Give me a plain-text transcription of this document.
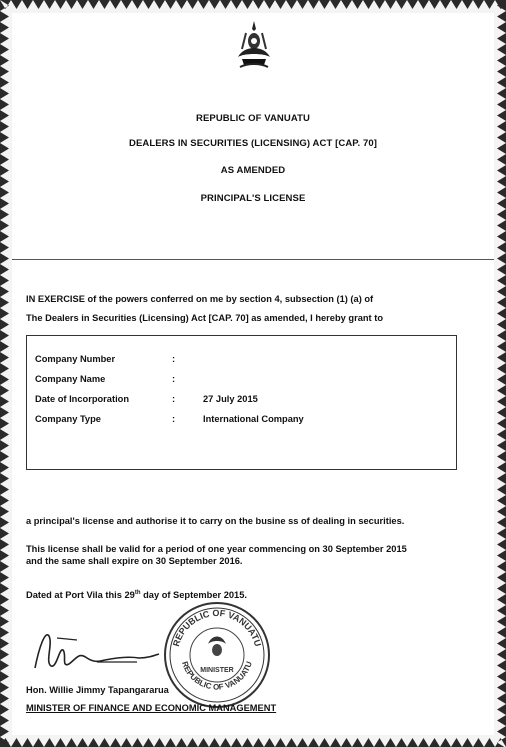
REPUBLIC OF VANUATU
DEALERS IN SECURITIES (LICENSING) ACT [CAP. 70]
AS AMENDED
PRINCIPAL'S LICENSE
IN EXERCISE of the powers conferred on me by section 4, subsection (1) (a) of
The Dealers in Securities (Licensing) Act [CAP. 70] as amended, I hereby grant to
Company Number	:
Company Name	:
Date of Incorporation	:	27 July 2015
Company Type	:	International Company
a principal's license and authorise it to carry on the busine ss of dealing in securities.
This license shall be valid for a period of one year commencing on 30 September 2015
and the same shall expire on 30 September 2016.
Dated at Port Vila this 29th day of September 2015.
REPUBLIC OF VANUATU
REPUBLIC OF VANUATU
MINISTER
Hon. Willie Jimmy Tapangararua
MINISTER OF FINANCE AND ECONOMIC MANAGEMENT
